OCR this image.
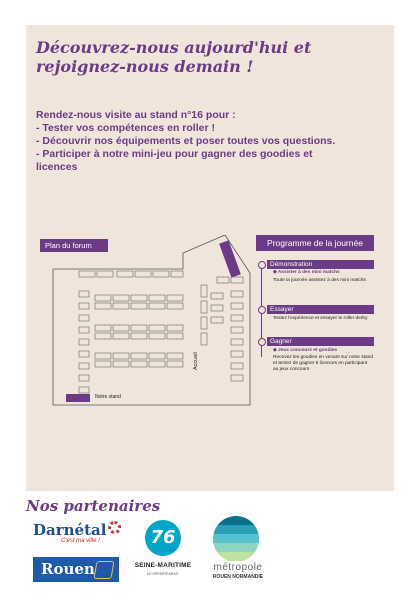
Découvrez-nous aujourd'hui et rejoignez-nous demain !
Rendez-nous visite au stand n°16 pour :
- Tester vos compétences en roller !
- Découvrir nos équipements et poser toutes vos questions.
- Participer à notre mini-jeu pour gagner des goodies et licences
Plan du forum
Accueil
Notre stand
Programme de la journée
Démonstration
◆ Assister à des mini matchs
Toute la journée assistez à des mini matchs
Essayer
Testez l'expérience et essayer le roller derby
Gagner
◆ Jeux concours et goodies
Recevez les goodies en venant sur notre stand et tentez de gagner 5 licences en participant au jeux concours
Nos partenaires
Darnétal
C'est ma ville !
Rouen
76
SEINE-MARITIME
LE DÉPARTEMENT
métropole
ROUEN NORMANDIE
